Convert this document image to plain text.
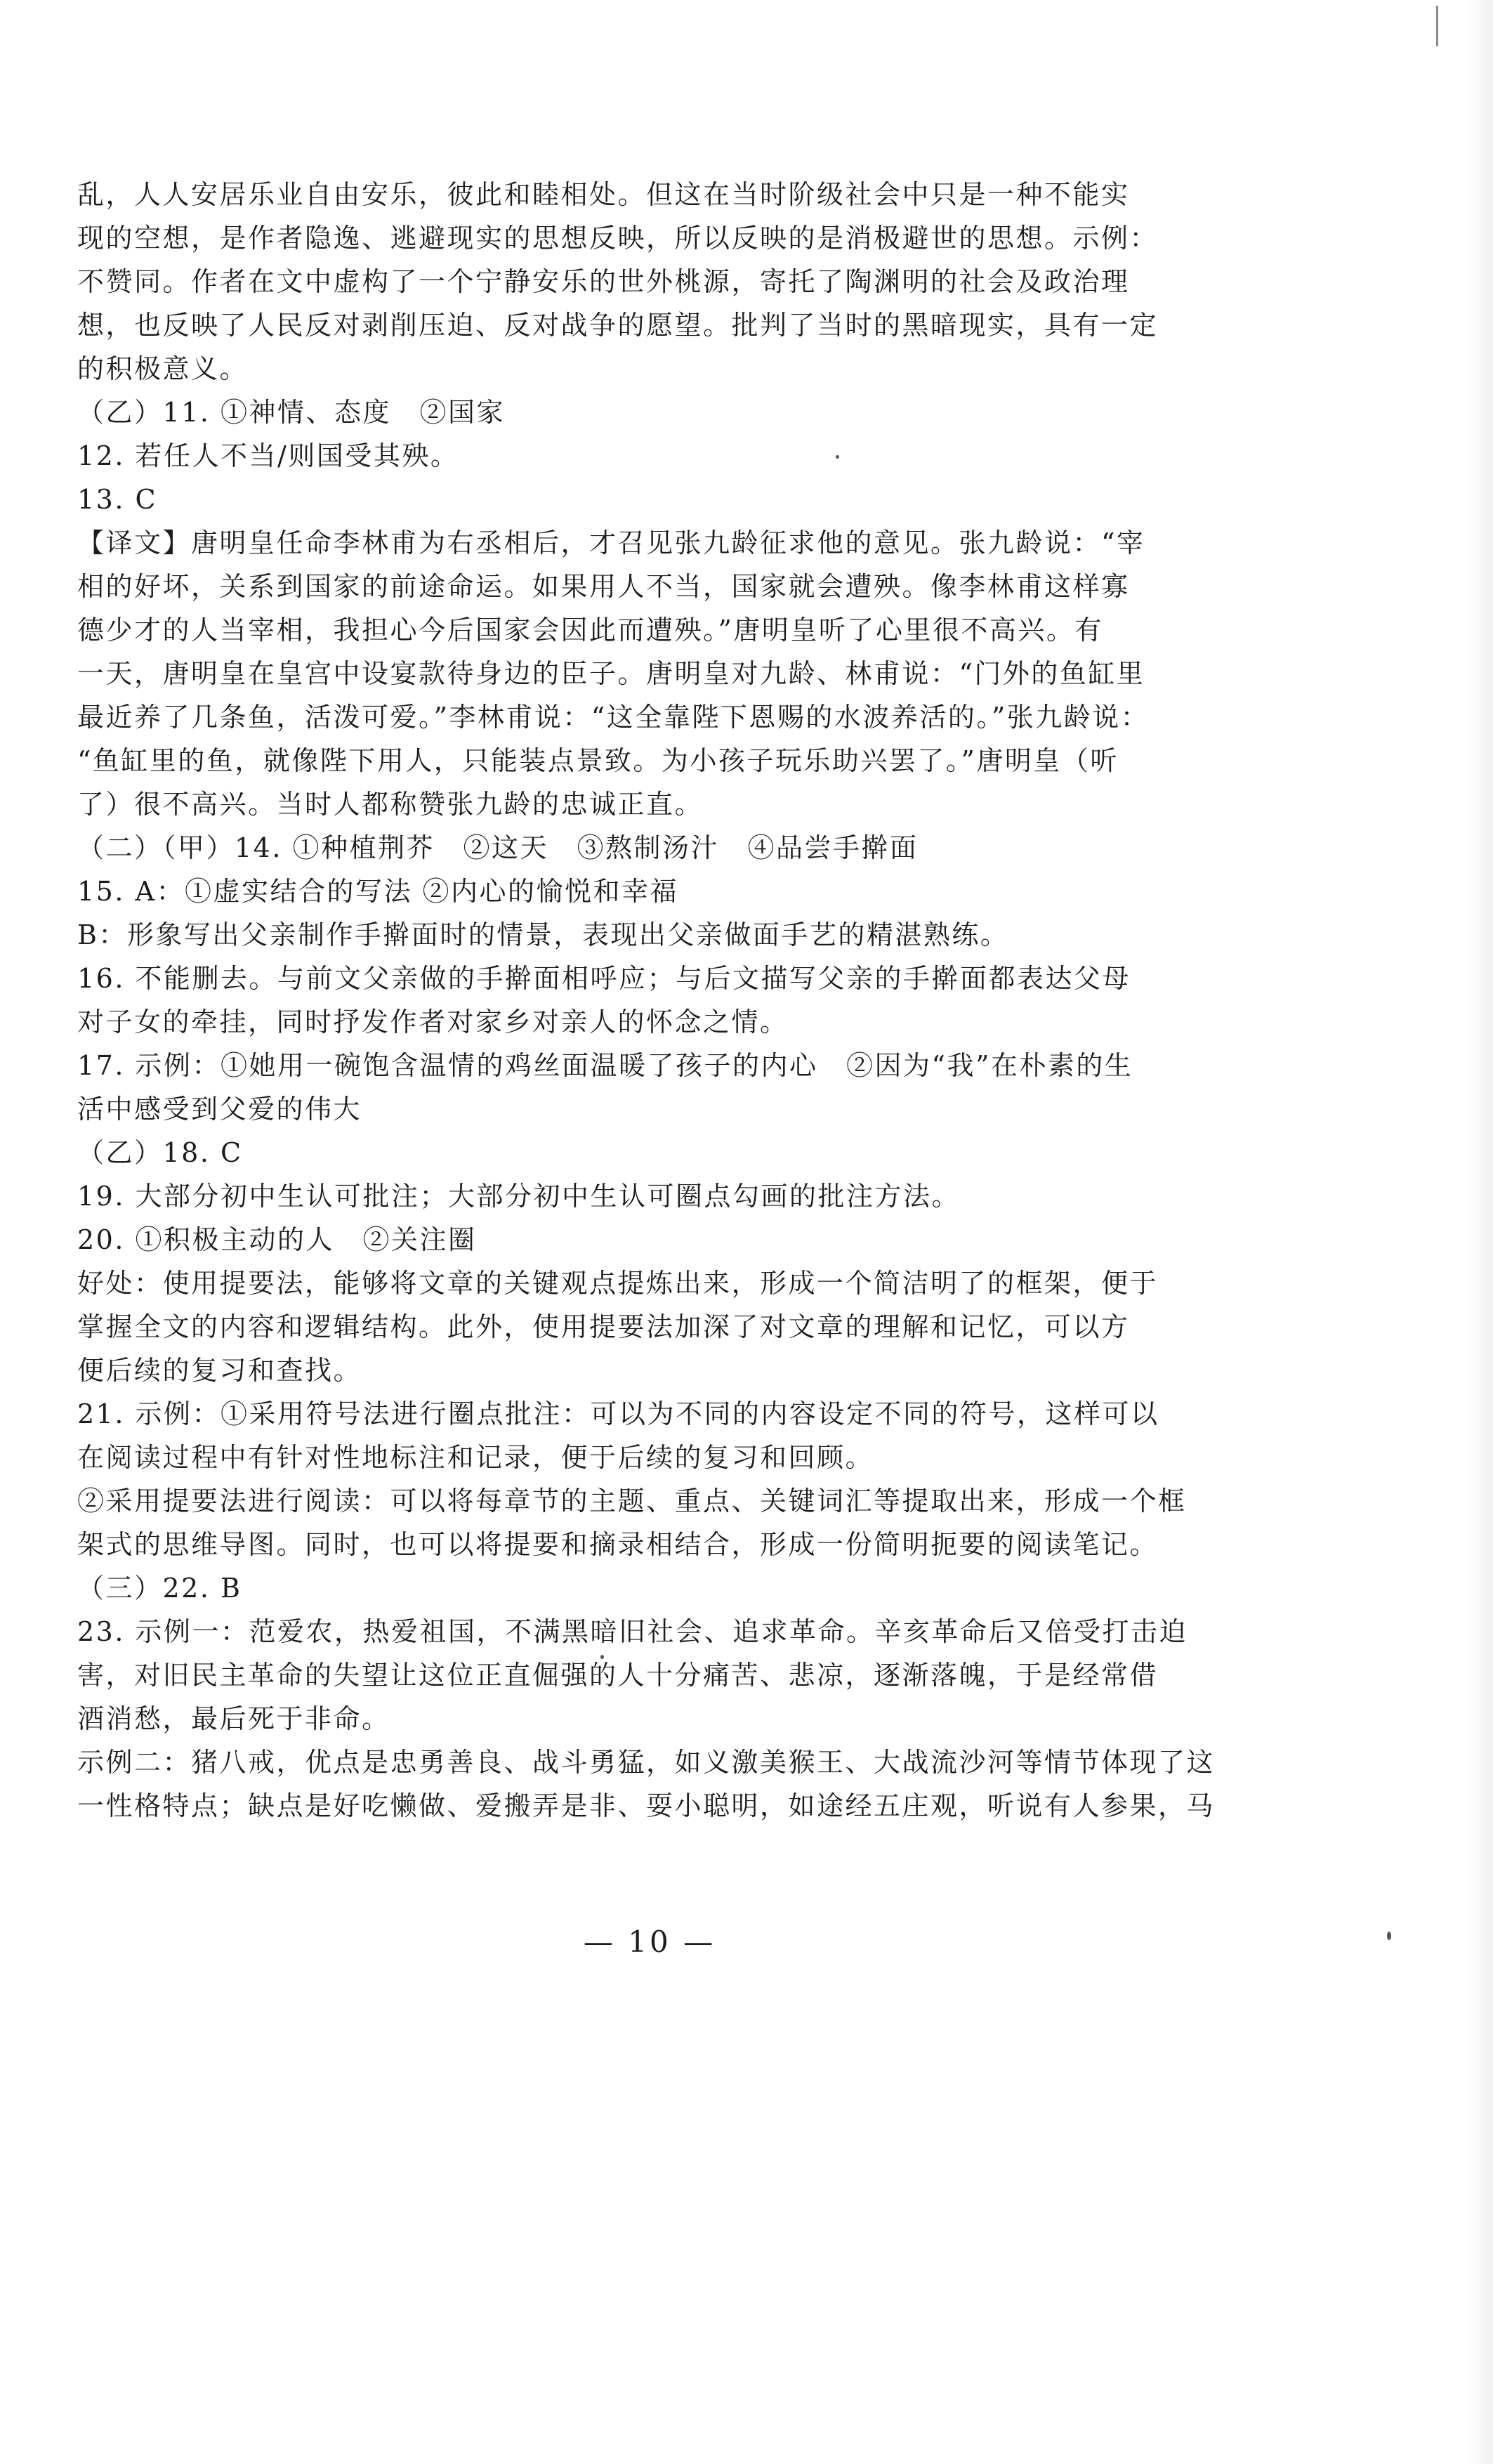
乱，人人安居乐业自由安乐，彼此和睦相处。但这在当时阶级社会中只是一种不能实
现的空想，是作者隐逸、逃避现实的思想反映，所以反映的是消极避世的思想。示例：
不赞同。作者在文中虚构了一个宁静安乐的世外桃源，寄托了陶渊明的社会及政治理
想，也反映了人民反对剥削压迫、反对战争的愿望。批判了当时的黑暗现实，具有一定
的积极意义。
（乙）11. ①神情、态度　②国家
12. 若任人不当/则国受其殃。
13. C
【译文】唐明皇任命李林甫为右丞相后，才召见张九龄征求他的意见。张九龄说：“宰
相的好坏，关系到国家的前途命运。如果用人不当，国家就会遭殃。像李林甫这样寡
德少才的人当宰相，我担心今后国家会因此而遭殃。”唐明皇听了心里很不高兴。有
一天，唐明皇在皇宫中设宴款待身边的臣子。唐明皇对九龄、林甫说：“门外的鱼缸里
最近养了几条鱼，活泼可爱。”李林甫说：“这全靠陛下恩赐的水波养活的。”张九龄说：
“鱼缸里的鱼，就像陛下用人，只能装点景致。为小孩子玩乐助兴罢了。”唐明皇（听
了）很不高兴。当时人都称赞张九龄的忠诚正直。
（二）（甲）14. ①种植荆芥　②这天　③熬制汤汁　④品尝手擀面
15. A：①虚实结合的写法 ②内心的愉悦和幸福
B：形象写出父亲制作手擀面时的情景，表现出父亲做面手艺的精湛熟练。
16. 不能删去。与前文父亲做的手擀面相呼应；与后文描写父亲的手擀面都表达父母
对子女的牵挂，同时抒发作者对家乡对亲人的怀念之情。
17. 示例：①她用一碗饱含温情的鸡丝面温暖了孩子的内心　②因为“我”在朴素的生
活中感受到父爱的伟大
（乙）18. C
19. 大部分初中生认可批注；大部分初中生认可圈点勾画的批注方法。
20. ①积极主动的人　②关注圈
好处：使用提要法，能够将文章的关键观点提炼出来，形成一个简洁明了的框架，便于
掌握全文的内容和逻辑结构。此外，使用提要法加深了对文章的理解和记忆，可以方
便后续的复习和查找。
21. 示例：①采用符号法进行圈点批注：可以为不同的内容设定不同的符号，这样可以
在阅读过程中有针对性地标注和记录，便于后续的复习和回顾。
②采用提要法进行阅读：可以将每章节的主题、重点、关键词汇等提取出来，形成一个框
架式的思维导图。同时，也可以将提要和摘录相结合，形成一份简明扼要的阅读笔记。
（三）22. B
23. 示例一：范爱农，热爱祖国，不满黑暗旧社会、追求革命。辛亥革命后又倍受打击迫
害，对旧民主革命的失望让这位正直倔强的人十分痛苦、悲凉，逐渐落魄，于是经常借
酒消愁，最后死于非命。
示例二：猪八戒，优点是忠勇善良、战斗勇猛，如义激美猴王、大战流沙河等情节体现了这
一性格特点；缺点是好吃懒做、爱搬弄是非、耍小聪明，如途经五庄观，听说有人参果，马
— 10 —
